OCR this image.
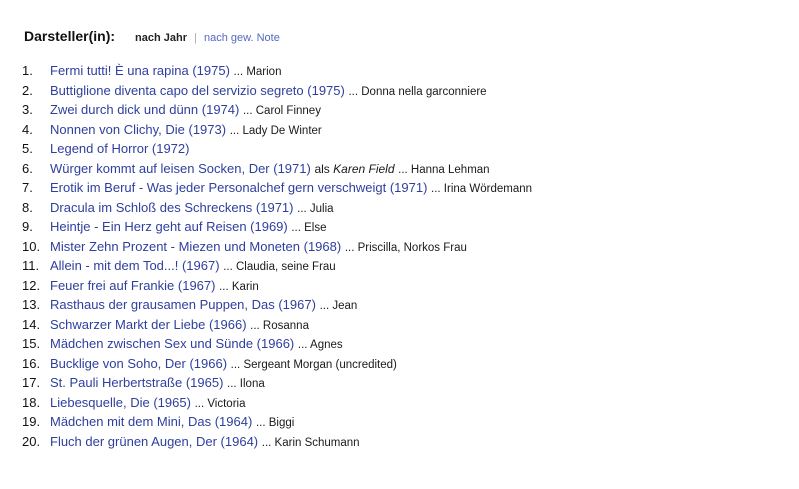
Darsteller(in): nach Jahr | nach gew. Note
1. Fermi tutti! È una rapina (1975) ... Marion
2. Buttiglione diventa capo del servizio segreto (1975) ... Donna nella garconniere
3. Zwei durch dick und dünn (1974) ... Carol Finney
4. Nonnen von Clichy, Die (1973) ... Lady De Winter
5. Legend of Horror (1972)
6. Würger kommt auf leisen Socken, Der (1971) als Karen Field ... Hanna Lehman
7. Erotik im Beruf - Was jeder Personalchef gern verschweigt (1971) ... Irina Wördemann
8. Dracula im Schloß des Schreckens (1971) ... Julia
9. Heintje - Ein Herz geht auf Reisen (1969) ... Else
10. Mister Zehn Prozent - Miezen und Moneten (1968) ... Priscilla, Norkos Frau
11. Allein - mit dem Tod...! (1967) ... Claudia, seine Frau
12. Feuer frei auf Frankie (1967) ... Karin
13. Rasthaus der grausamen Puppen, Das (1967) ... Jean
14. Schwarzer Markt der Liebe (1966) ... Rosanna
15. Mädchen zwischen Sex und Sünde (1966) ... Agnes
16. Bucklige von Soho, Der (1966) ... Sergeant Morgan (uncredited)
17. St. Pauli Herbertstraße (1965) ... Ilona
18. Liebesquelle, Die (1965) ... Victoria
19. Mädchen mit dem Mini, Das (1964) ... Biggi
20. Fluch der grünen Augen, Der (1964) ... Karin Schumann
